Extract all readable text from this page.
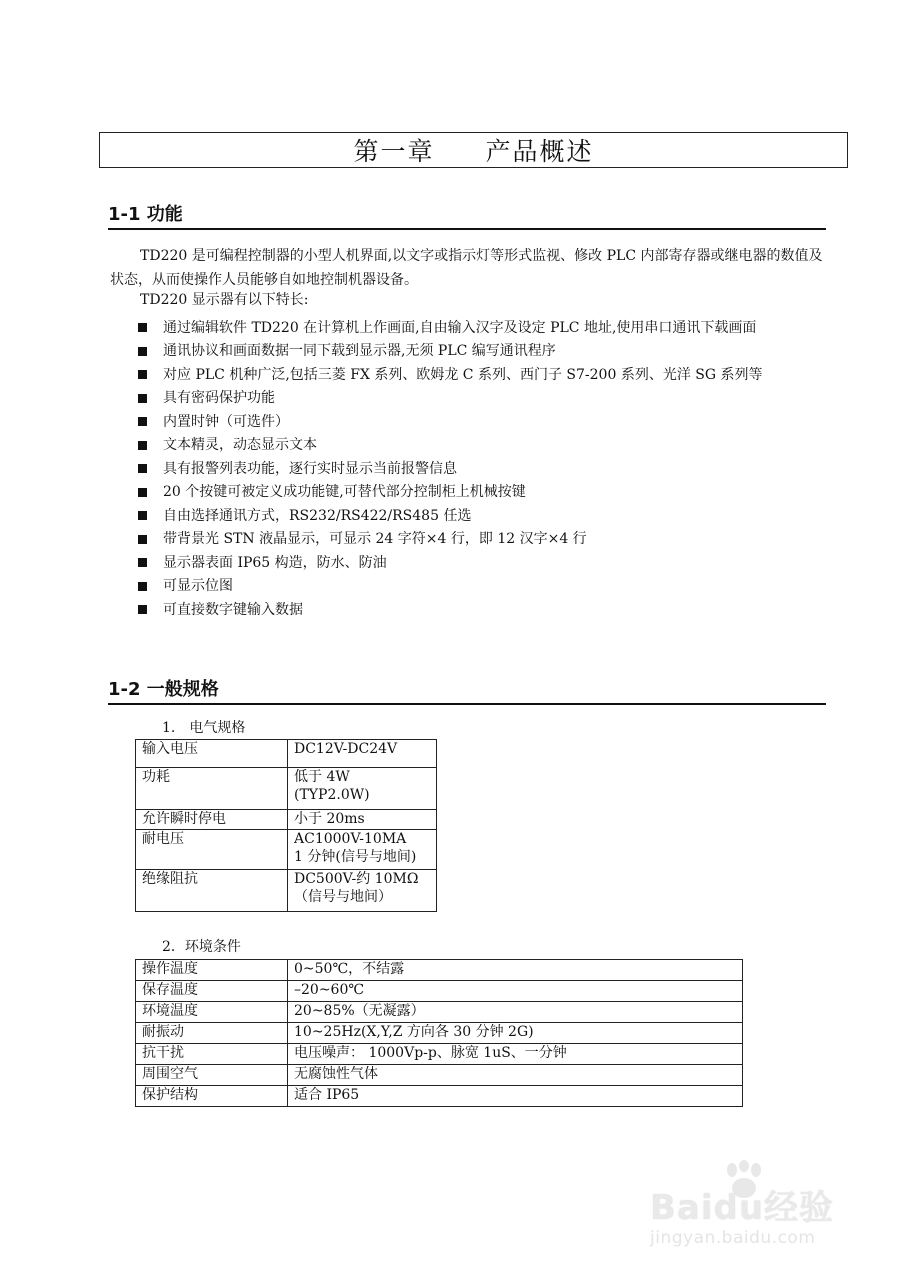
第一章　 产品概述
1-1 功能
TD220 是可编程控制器的小型人机界面,以文字或指示灯等形式监视、修改 PLC 内部寄存器或继电器的数值及状态，从而使操作人员能够自如地控制机器设备。
TD220 显示器有以下特长:
通过编辑软件 TD220 在计算机上作画面,自由输入汉字及设定 PLC 地址,使用串口通讯下载画面
通讯协议和画面数据一同下载到显示器,无须 PLC 编写通讯程序
对应 PLC 机种广泛,包括三菱 FX 系列、欧姆龙 C 系列、西门子 S7-200 系列、光洋 SG 系列等
具有密码保护功能
内置时钟（可选件）
文本精灵，动态显示文本
具有报警列表功能，逐行实时显示当前报警信息
20 个按键可被定义成功能键,可替代部分控制柜上机械按键
自由选择通讯方式，RS232/RS422/RS485 任选
带背景光 STN 液晶显示，可显示 24 字符×4 行，即 12 汉字×4 行
显示器表面 IP65 构造，防水、防油
可显示位图
可直接数字键输入数据
1-2 一般规格
1.　电气规格
输入电压	DC12V-DC24V

功耗	低于 4W
(TYP2.0W)

允许瞬时停电	小于 20ms

耐电压	AC1000V-10MA
1 分钟(信号与地间)

绝缘阻抗	DC500V-约 10MΩ
（信号与地间）
2．环境条件
操作温度	0~50℃，不结露
保存温度	–20~60℃
环境温度	20~85%（无凝露）
耐振动	10~25Hz(X,Y,Z 方向各 30 分钟 2G)
抗干扰	电压噪声： 1000Vp-p、脉宽 1uS、一分钟
周围空气	无腐蚀性气体
保护结构	适合 IP65
Baidu经验
jingyan.baidu.com
